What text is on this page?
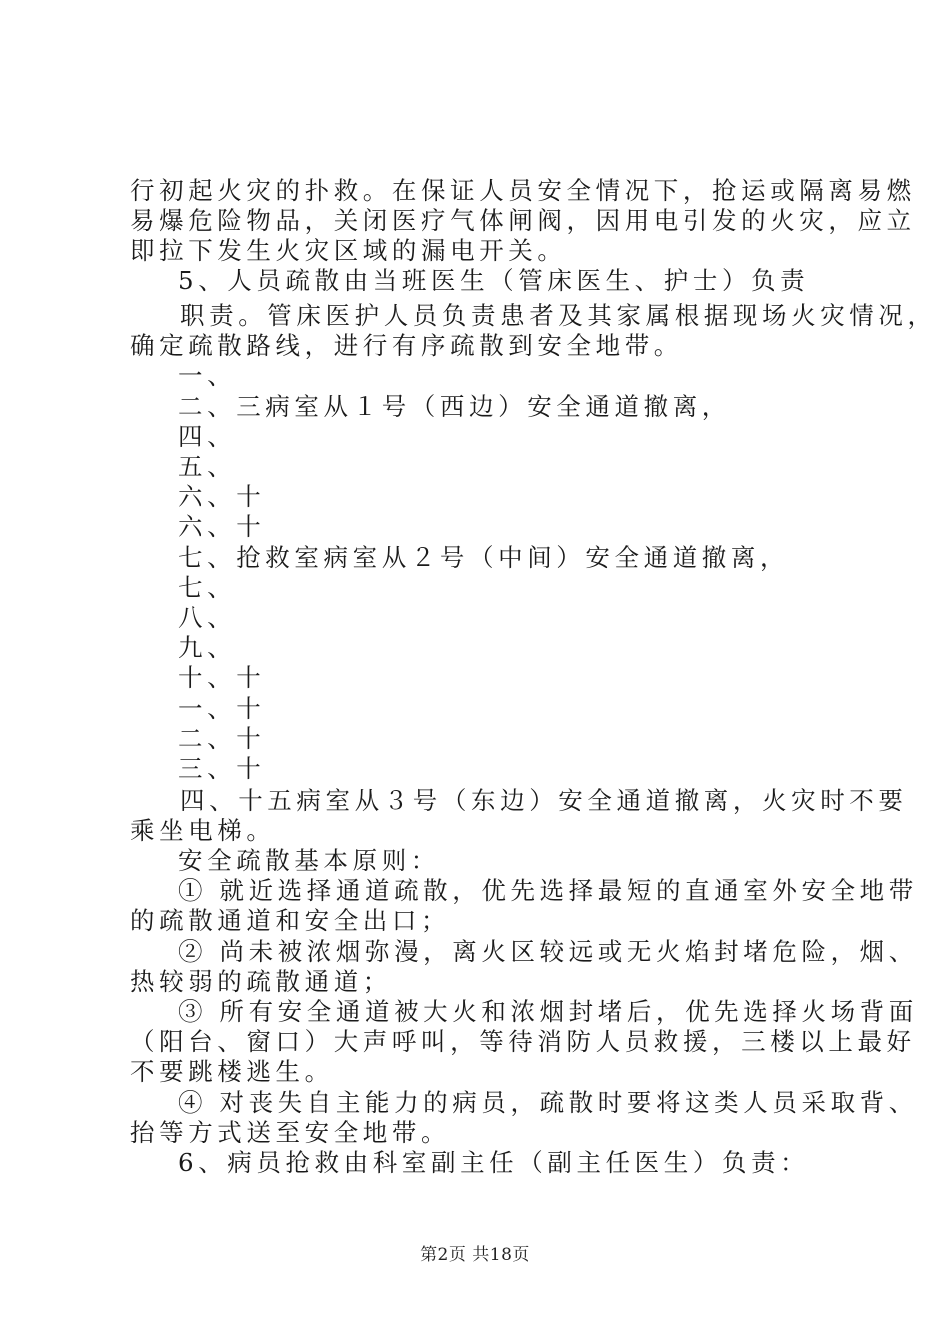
行初起火灾的扑救。在保证人员安全情况下，抢运或隔离易燃
易爆危险物品，关闭医疗气体闸阀，因用电引发的火灾，应立
即拉下发生火灾区域的漏电开关。
5、人员疏散由当班医生（管床医生、护士）负责
职责。管床医护人员负责患者及其家属根据现场火灾情况，
确定疏散路线，进行有序疏散到安全地带。
一、
二、三病室从１号（西边）安全通道撤离，
四、
五、
六、十
六、十
七、抢救室病室从２号（中间）安全通道撤离，
七、
八、
九、
十、十
一、十
二、十
三、十
四、十五病室从３号（东边）安全通道撤离，火灾时不要
乘坐电梯。
安全疏散基本原则：
① 就近选择通道疏散，优先选择最短的直通室外安全地带
的疏散通道和安全出口；
② 尚未被浓烟弥漫，离火区较远或无火焰封堵危险，烟、
热较弱的疏散通道；
③ 所有安全通道被大火和浓烟封堵后，优先选择火场背面
（阳台、窗口）大声呼叫，等待消防人员救援，三楼以上最好
不要跳楼逃生。
④ 对丧失自主能力的病员，疏散时要将这类人员采取背、
抬等方式送至安全地带。
6、病员抢救由科室副主任（副主任医生）负责：
第2页 共18页
